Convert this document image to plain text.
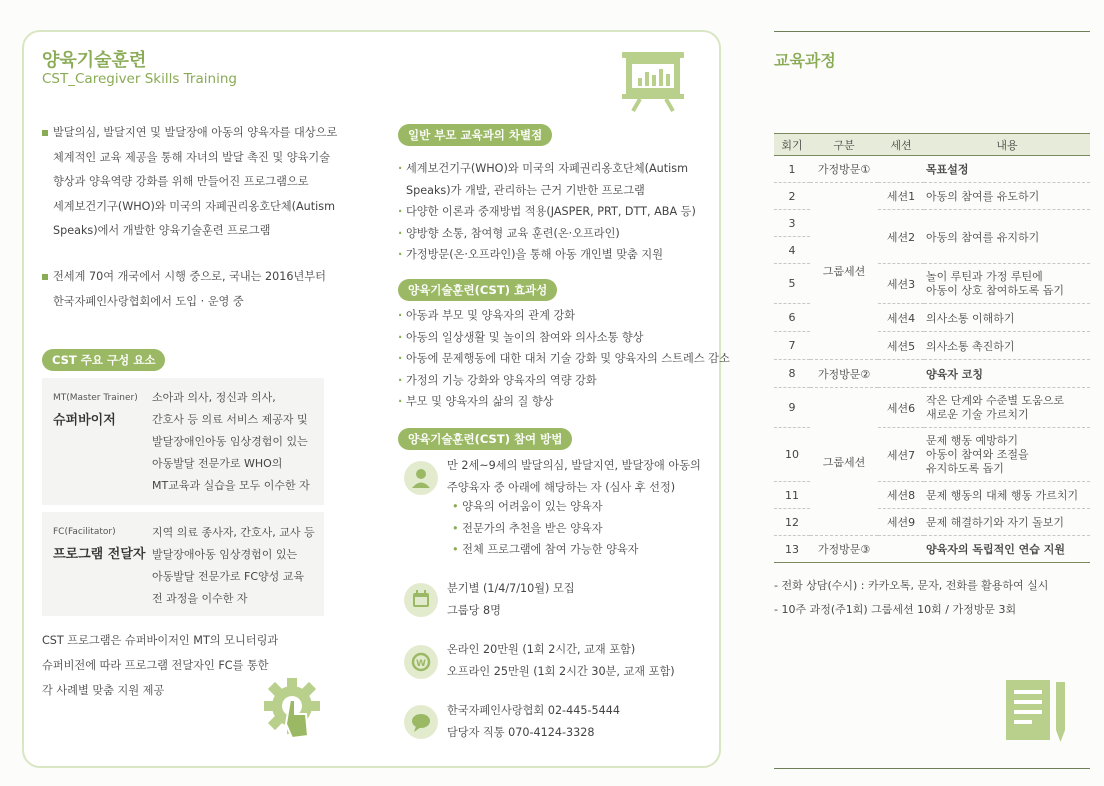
양육기술훈련
CST_Caregiver Skills Training
발달의심, 발달지연 및 발달장애 아동의 양육자를 대상으로
체계적인 교육 제공을 통해 자녀의 발달 촉진 및 양육기술
향상과 양육역량 강화를 위해 만들어진 프로그램으로
세계보건기구(WHO)와 미국의 자폐권리옹호단체(Autism
Speaks)에서 개발한 양육기술훈련 프로그램
전세계 70여 개국에서 시행 중으로, 국내는 2016년부터
한국자폐인사랑협회에서 도입 · 운영 중
CST 주요 구성 요소
MT(Master Trainer)
슈퍼바이저
소아과 의사, 정신과 의사,
간호사 등 의료 서비스 제공자 및
발달장애인아동 임상경험이 있는
아동발달 전문가로 WHO의
MT교육과 실습을 모두 이수한 자
FC(Facilitator)
프로그램 전달자
지역 의료 종사자, 간호사, 교사 등
발달장애아동 임상경험이 있는
아동발달 전문가로 FC양성 교육
전 과정을 이수한 자
CST 프로그램은 슈퍼바이저인 MT의 모니터링과
슈퍼비전에 따라 프로그램 전달자인 FC를 통한
각 사례별 맞춤 지원 제공
일반 부모 교육과의 차별점
· 세계보건기구(WHO)와 미국의 자폐권리옹호단체(Autism
Speaks)가 개발, 관리하는 근거 기반한 프로그램
· 다양한 이론과 중재방법 적용(JASPER, PRT, DTT, ABA 등)
· 양방향 소통, 참여형 교육 훈련(온·오프라인)
· 가정방문(온·오프라인)을 통해 아동 개인별 맞춤 지원
양육기술훈련(CST) 효과성
· 아동과 부모 및 양육자의 관계 강화
· 아동의 일상생활 및 놀이의 참여와 의사소통 향상
· 아동에 문제행동에 대한 대처 기술 강화 및 양육자의 스트레스 감소
· 가정의 기능 강화와 양육자의 역량 강화
· 부모 및 양육자의 삶의 질 향상
양육기술훈련(CST) 참여 방법
만 2세~9세의 발달의심, 발달지연, 발달장애 아동의
주양육자 중 아래에 해당하는 자 (심사 후 선정)
• 양육의 어려움이 있는 양육자
• 전문가의 추천을 받은 양육자
• 전체 프로그램에 참여 가능한 양육자
분기별 (1/4/7/10월) 모집
그룹당 8명
W
온라인 20만원 (1회 2시간, 교재 포함)
오프라인 25만원 (1회 2시간 30분, 교재 포함)
한국자폐인사랑협회 02-445-5444
담당자 직통 070-4124-3328
교육과정
회기	구분	세션	내용
1	가정방문①		목표설정
2	그룹세션	세션1	아동의 참여를 유도하기
3		세션2	아동의 참여를 유지하기
4			
5		세션3	놀이 루틴과 가정 루틴에
아동이 상호 참여하도록 돕기

6		세션4	의사소통 이해하기
7		세션5	의사소통 촉진하기
8	가정방문②		양육자 코칭
9	그룹세션	세션6	작은 단계와 수준별 도움으로
새로운 기술 가르치기

10		세션7	문제 행동 예방하기
아동이 참여와 조절을
유지하도록 돕기

11		세션8	문제 행동의 대체 행동 가르치기
12		세션9	문제 해결하기와 자기 돌보기
13	가정방문③		양육자의 독립적인 연습 지원
- 전화 상담(수시) : 카카오톡, 문자, 전화를 활용하여 실시
- 10주 과정(주1회) 그룹세션 10회 / 가정방문 3회
